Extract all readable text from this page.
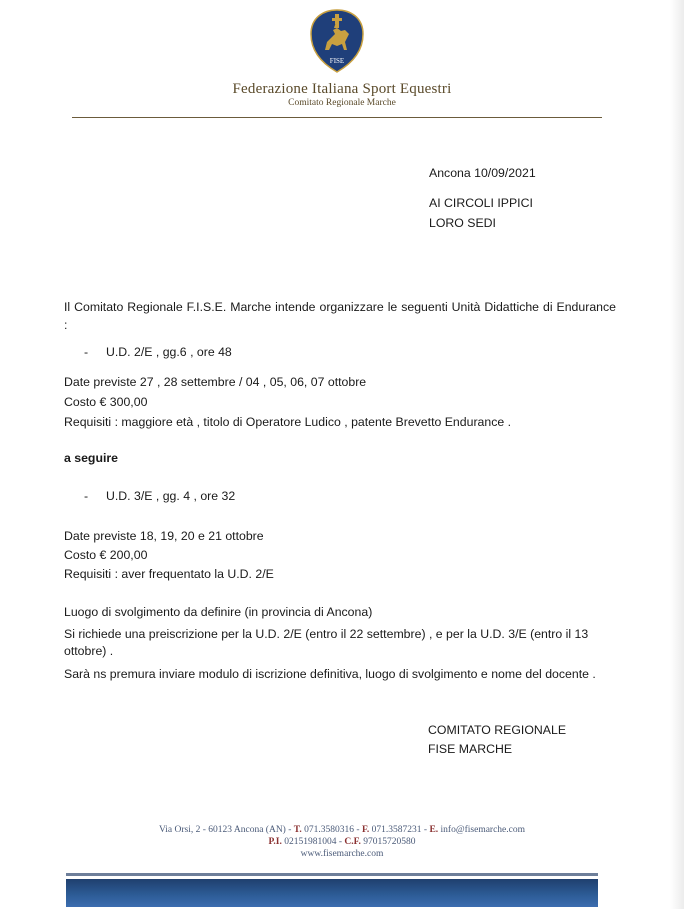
FISE
Federazione Italiana Sport Equestri
Comitato Regionale Marche
Ancona 10/09/2021
AI CIRCOLI IPPICI
LORO SEDI
Il Comitato Regionale F.I.S.E. Marche intende organizzare le seguenti Unità Didattiche di Endurance :
- U.D. 2/E , gg.6 , ore 48
Date previste 27 , 28 settembre / 04 , 05, 06, 07 ottobre
Costo € 300,00
Requisiti : maggiore età , titolo di Operatore Ludico , patente Brevetto Endurance .
a seguire
- U.D. 3/E , gg. 4 , ore 32
Date previste 18, 19, 20 e 21 ottobre
Costo € 200,00
Requisiti : aver frequentato la U.D. 2/E
Luogo di svolgimento da definire (in provincia di Ancona)
Si richiede una preiscrizione per la U.D. 2/E (entro il 22 settembre) , e per la U.D. 3/E (entro il 13
ottobre) .
Sarà ns premura inviare modulo di iscrizione definitiva, luogo di svolgimento e nome del docente .
COMITATO REGIONALE
FISE MARCHE
Via Orsi, 2 - 60123 Ancona (AN) - T. 071.3580316 - F. 071.3587231 - E. info@fisemarche.com
P.I. 02151981004 - C.F. 97015720580
www.fisemarche.com
